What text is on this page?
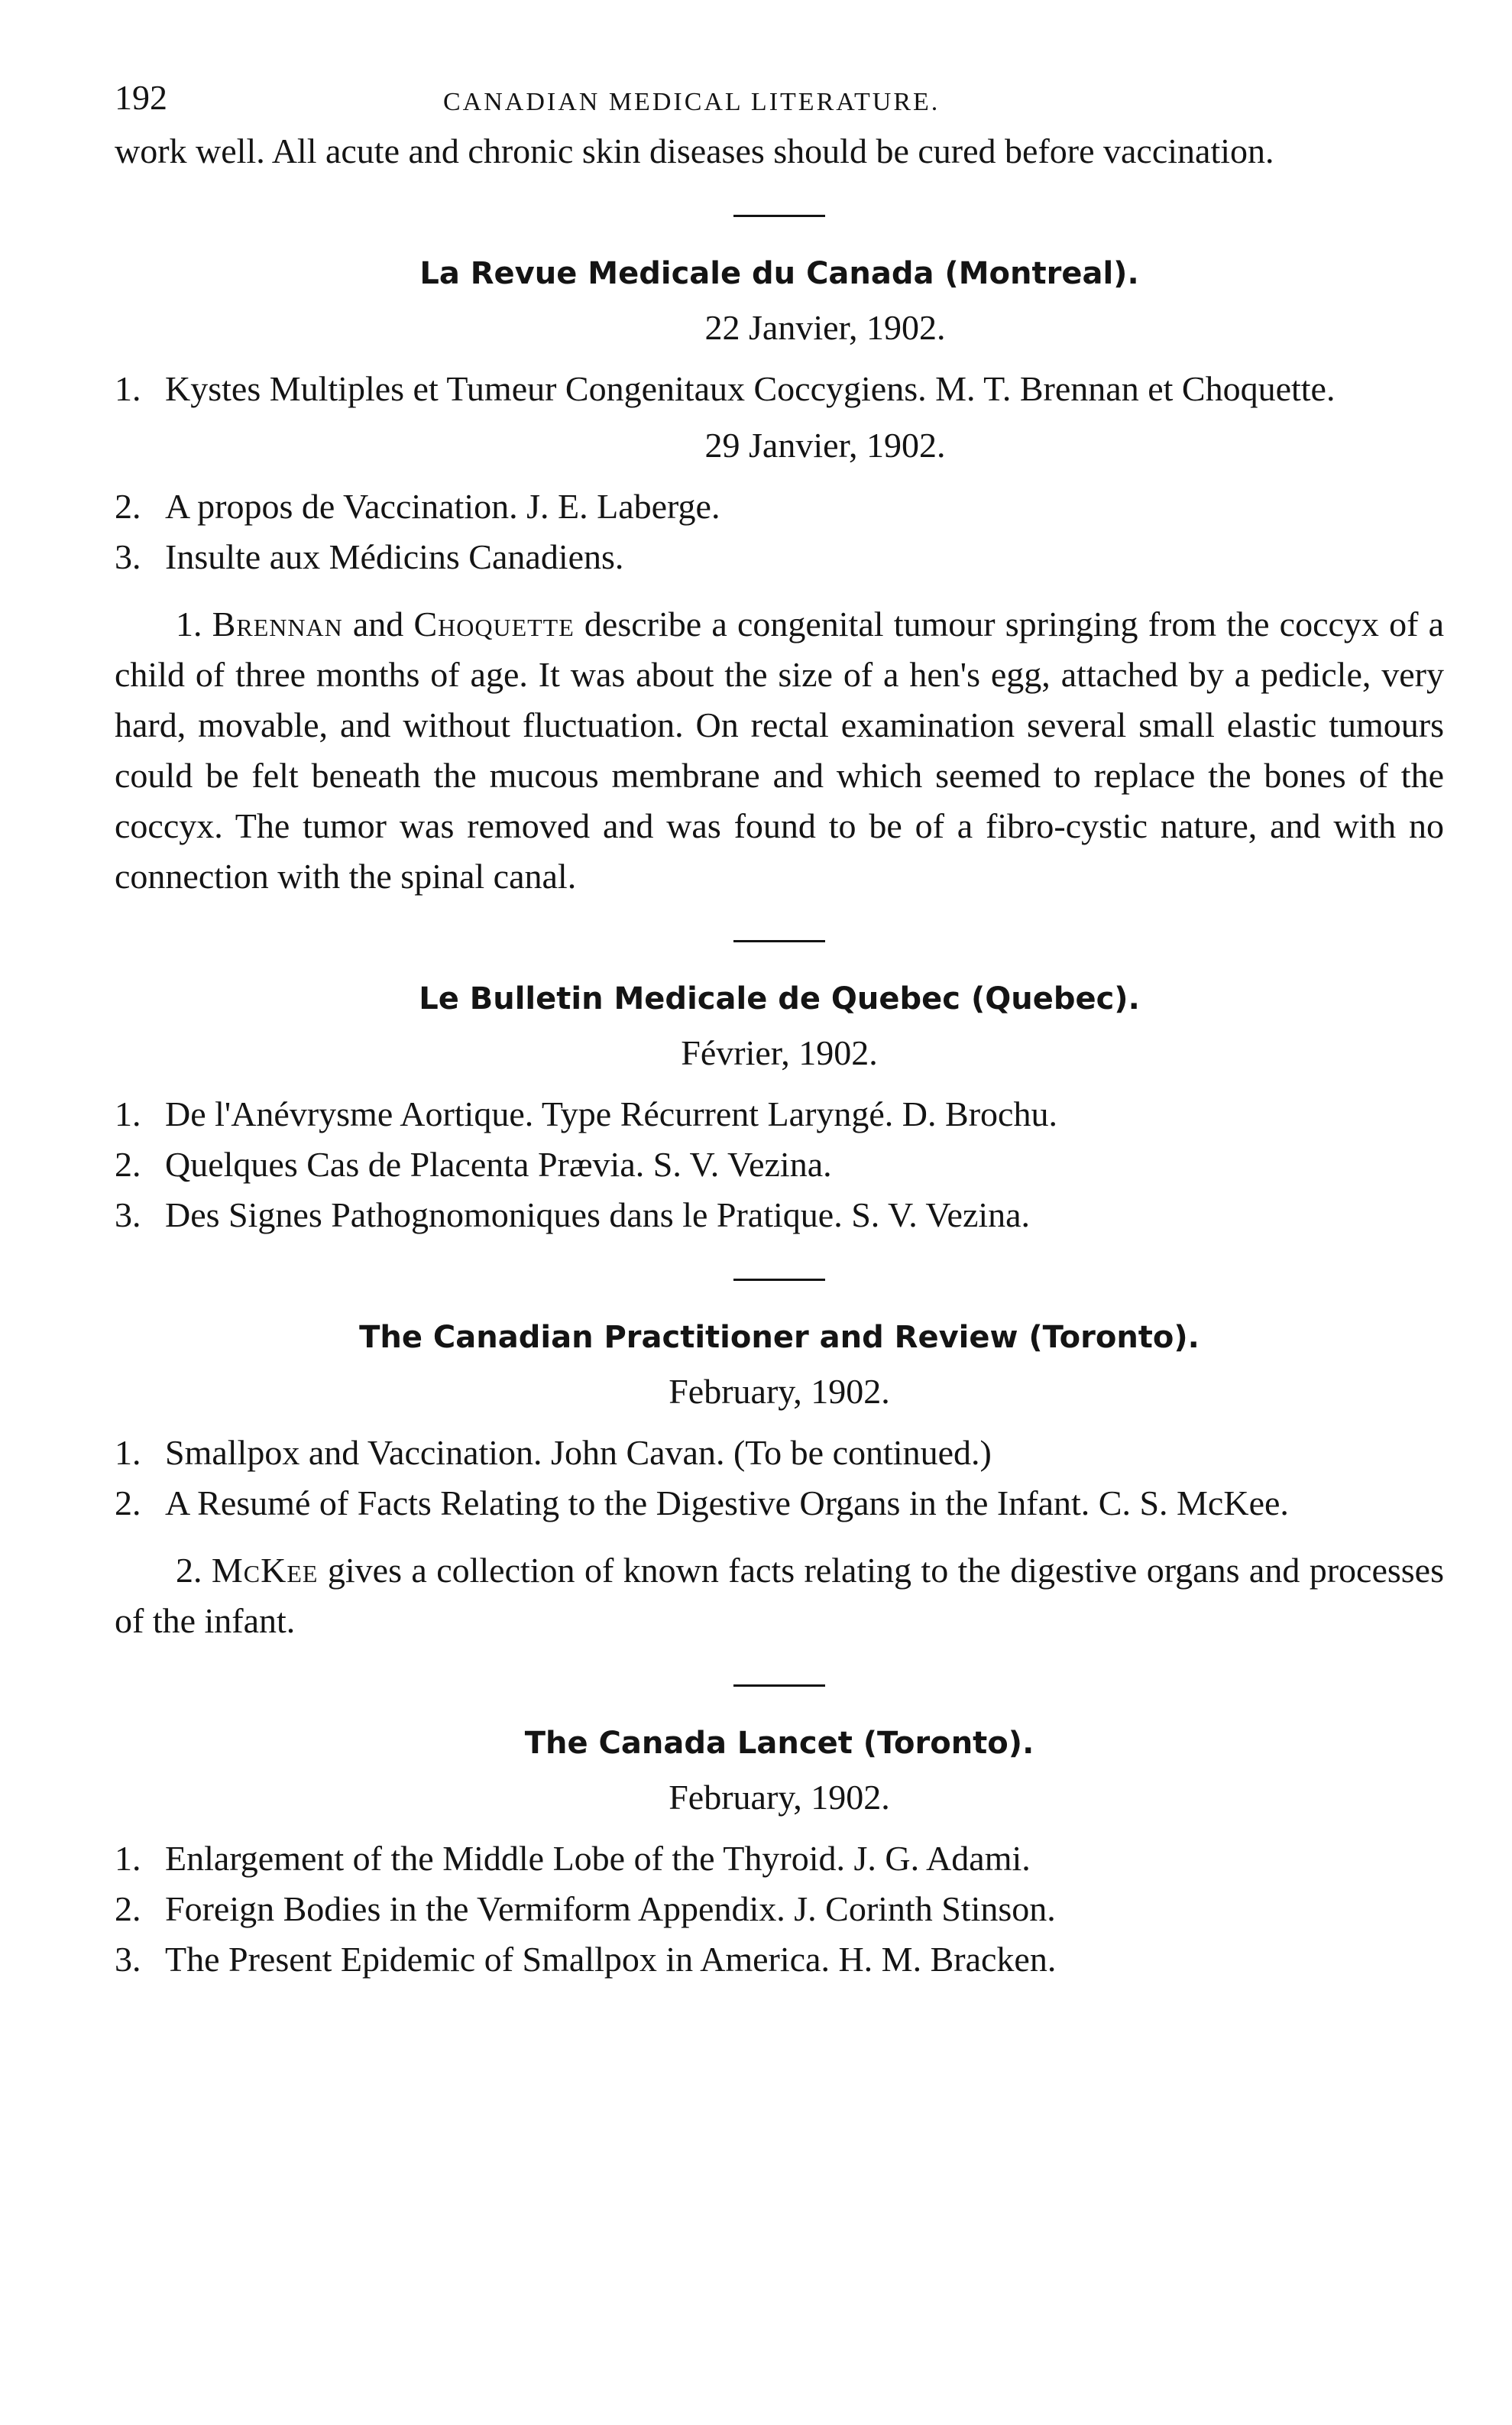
192	CANADIAN MEDICAL LITERATURE.

work well. All acute and chronic skin diseases should be cured before vaccination.

La Revue Medicale du Canada (Montreal).

22 Janvier, 1902.

1. Kystes Multiples et Tumeur Congenitaux Coccygiens. M. T. Brennan et Choquette.

29 Janvier, 1902.

2. A propos de Vaccination. J. E. Laberge.
3. Insulte aux Médicins Canadiens.

1. Brennan and Choquette describe a congenital tumour springing from the coccyx of a child of three months of age. It was about the size of a hen's egg, attached by a pedicle, very hard, movable, and without fluctuation. On rectal examination several small elastic tumours could be felt beneath the mucous membrane and which seemed to replace the bones of the coccyx. The tumor was removed and was found to be of a fibro-cystic nature, and with no connection with the spinal canal.

Le Bulletin Medicale de Quebec (Quebec).

Février, 1902.

1. De l'Anévrysme Aortique. Type Récurrent Laryngé. D. Brochu.
2. Quelques Cas de Placenta Prævia. S. V. Vezina.
3. Des Signes Pathognomoniques dans le Pratique. S. V. Vezina.

The Canadian Practitioner and Review (Toronto).

February, 1902.

1. Smallpox and Vaccination. John Cavan. (To be continued.)
2. A Resumé of Facts Relating to the Digestive Organs in the Infant. C. S. McKee.

2. McKee gives a collection of known facts relating to the digestive organs and processes of the infant.

The Canada Lancet (Toronto).

February, 1902.

1. Enlargement of the Middle Lobe of the Thyroid. J. G. Adami.
2. Foreign Bodies in the Vermiform Appendix. J. Corinth Stinson.
3. The Present Epidemic of Smallpox in America. H. M. Bracken.
